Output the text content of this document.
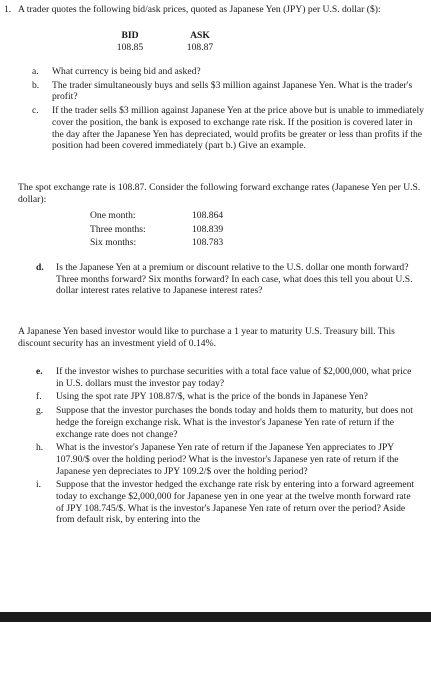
1. A trader quotes the following bid/ask prices, quoted as Japanese Yen (JPY) per U.S. dollar ($):
BID	ASK
108.85	108.87
a.	What currency is being bid and asked?
b.	The trader simultaneously buys and sells $3 million against Japanese Yen. What is the trader's profit?
c.	If the trader sells $3 million against Japanese Yen at the price above but is unable to immediately cover the position, the bank is exposed to exchange rate risk. If the position is covered later in the day after the Japanese Yen has depreciated, would profits be greater or less than profits if the position had been covered immediately (part b.) Give an example.
The spot exchange rate is 108.87. Consider the following forward exchange rates (Japanese Yen per U.S. dollar):
One month:	108.864
Three months:	108.839
Six months:	108.783
d.	Is the Japanese Yen at a premium or discount relative to the U.S. dollar one month forward? Three months forward? Six months forward? In each case, what does this tell you about U.S. dollar interest rates relative to Japanese interest rates?
A Japanese Yen based investor would like to purchase a 1 year to maturity U.S. Treasury bill. This discount security has an investment yield of 0.14%.
e.	If the investor wishes to purchase securities with a total face value of $2,000,000, what price in U.S. dollars must the investor pay today?
f.	Using the spot rate JPY 108.87/$, what is the price of the bonds in Japanese Yen?
g.	Suppose that the investor purchases the bonds today and holds them to maturity, but does not hedge the foreign exchange risk. What is the investor's Japanese Yen rate of return if the exchange rate does not change?
h.	What is the investor's Japanese Yen rate of return if the Japanese Yen appreciates to JPY 107.90/$ over the holding period? What is the investor's Japanese yen rate of return if the Japanese yen depreciates to JPY 109.2/$ over the holding period?
i.	Suppose that the investor hedged the exchange rate risk by entering into a forward agreement today to exchange $2,000,000 for Japanese yen in one year at the twelve month forward rate of JPY 108.745/$. What is the investor's Japanese Yen rate of return over the period? Aside from default risk, by entering into the
